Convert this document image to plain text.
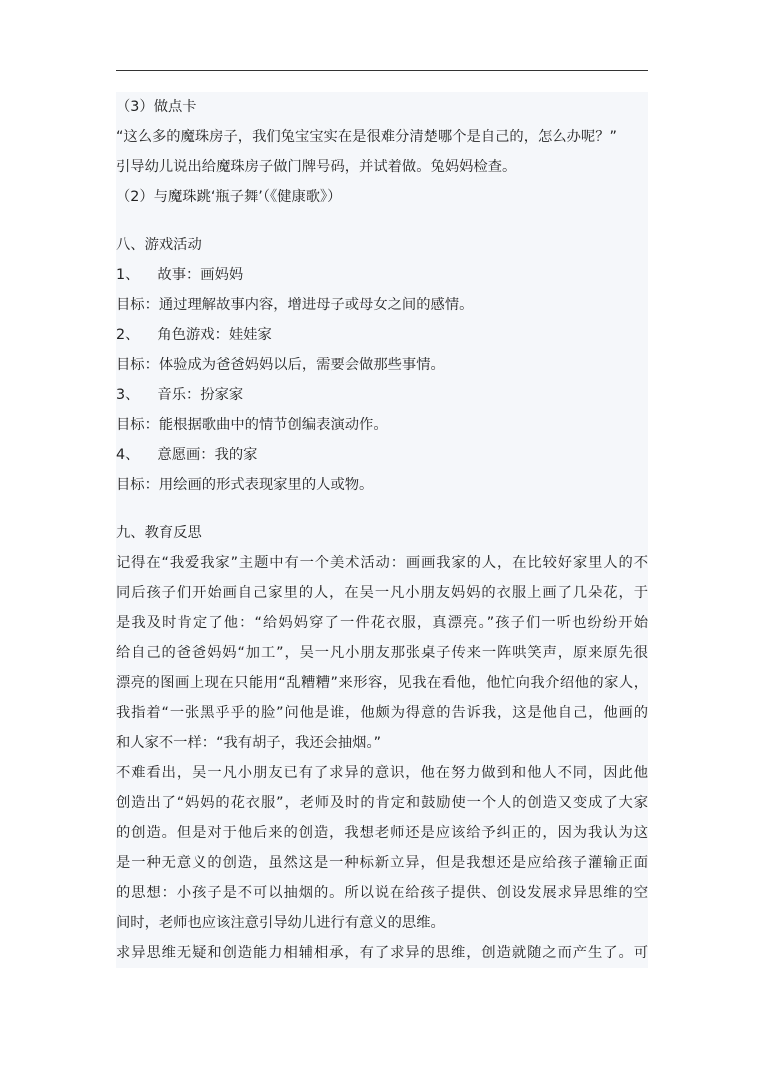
（3）做点卡
“这么多的魔珠房子，我们兔宝宝实在是很难分清楚哪个是自己的，怎么办呢？”
引导幼儿说出给魔珠房子做门牌号码，并试着做。兔妈妈检查。
（2）与魔珠跳‘瓶子舞’（《健康歌》）
八、游戏活动
1、 故事：画妈妈
目标：通过理解故事内容，增进母子或母女之间的感情。
2、 角色游戏：娃娃家
目标：体验成为爸爸妈妈以后，需要会做那些事情。
3、 音乐：扮家家
目标：能根据歌曲中的情节创编表演动作。
4、 意愿画：我的家
目标：用绘画的形式表现家里的人或物。
九、教育反思
记得在“我爱我家”主题中有一个美术活动：画画我家的人，在比较好家里人的不
同后孩子们开始画自己家里的人，在吴一凡小朋友妈妈的衣服上画了几朵花，于
是我及时肯定了他：“给妈妈穿了一件花衣服，真漂亮。”孩子们一听也纷纷开始
给自己的爸爸妈妈“加工”，吴一凡小朋友那张桌子传来一阵哄笑声，原来原先很
漂亮的图画上现在只能用“乱糟糟”来形容，见我在看他，他忙向我介绍他的家人，
我指着“一张黑乎乎的脸”问他是谁，他颇为得意的告诉我，这是他自己，他画的
和人家不一样：“我有胡子，我还会抽烟。”
不难看出，吴一凡小朋友已有了求异的意识，他在努力做到和他人不同，因此他
创造出了“妈妈的花衣服”，老师及时的肯定和鼓励使一个人的创造又变成了大家
的创造。但是对于他后来的创造，我想老师还是应该给予纠正的，因为我认为这
是一种无意义的创造，虽然这是一种标新立异，但是我想还是应给孩子灌输正面
的思想：小孩子是不可以抽烟的。所以说在给孩子提供、创设发展求异思维的空
间时，老师也应该注意引导幼儿进行有意义的思维。
求异思维无疑和创造能力相辅相承，有了求异的思维，创造就随之而产生了。可
